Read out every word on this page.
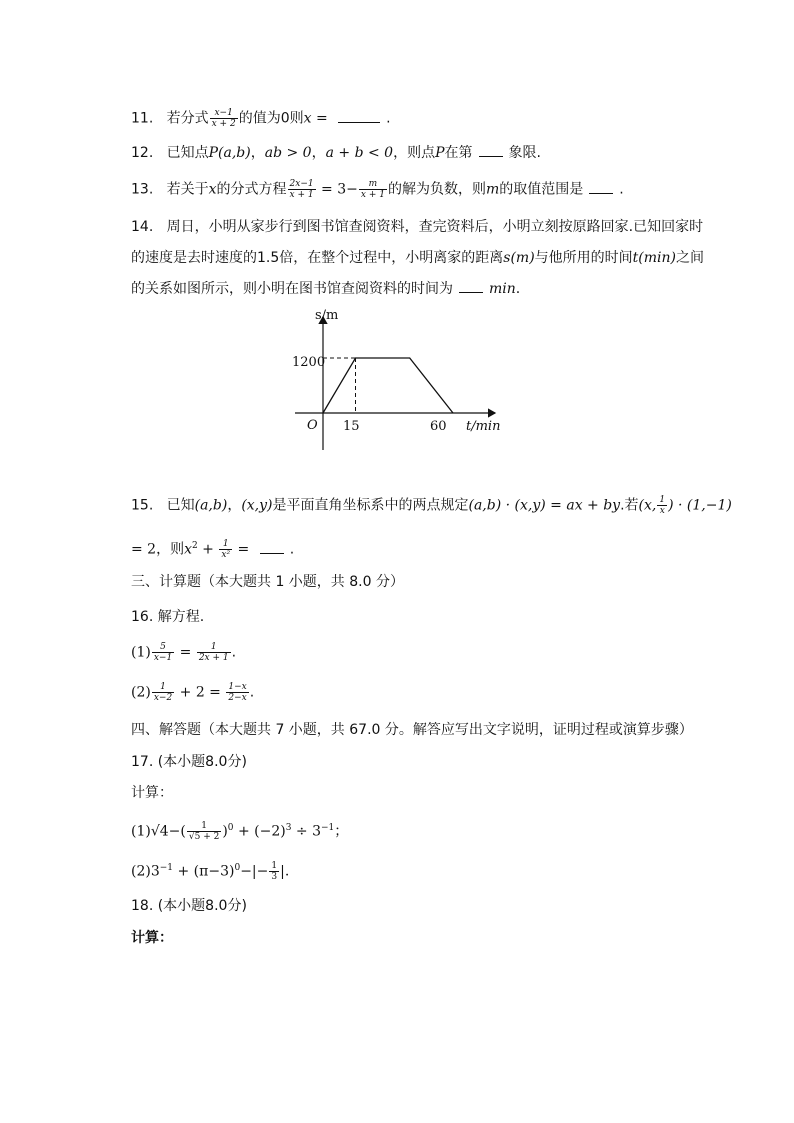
11. 若分式 $\frac{x-1}{x + 2}$ 的值为0则x =	.
12. 已知点P(a,b)，ab > 0，a + b < 0，则点P在第	象限.
13. 若关于x的分式方程 $\frac{2x-1}{x + 1} = 3- \frac{m}{x + 1}$ 的解为负数，则m的取值范围是	.
14. 周日，小明从家步行到图书馆查阅资料，查完资料后，小明立刻按原路回家.已知回家时
的速度是去时速度的1.5倍，在整个过程中，小明离家的距离s(m)与他所用的时间t(min)之间
的关系如图所示，则小明在图书馆查阅资料的时间为	min.
s/m
t/min
O
1200
15	60
15. 已知(a,b)，(x,y)是平面直角坐标系中的两点规定(a,b) · (x,y) = ax + by.若(x, $\frac{1}{x}$ ) · (1,−1)
= 2，则$x^2 + \frac{1}{\text{x²}}$ =	.
三、计算题（本大题共 1 小题，共 8.0 分）
16. 解方程.
$(1) \frac{5}{x-1} = \frac{1}{2x + 1}$ .
$(2) \frac{1}{x-2} + 2 = \frac{1-x}{2-x}$ .
四、解答题（本大题共 7 小题，共 67.0 分。解答应写出文字说明，证明过程或演算步骤）
17. (本小题8.0分)
计算：
$(1)√4-( \frac{1}{√5 + 2} )^0 + (-2)^3 \div 3^{-1}$；
$(2)3^{-1} + (\pi-3)^0-|- \frac{1}{3}$ |.
18. (本小题8.0分)
计算：
